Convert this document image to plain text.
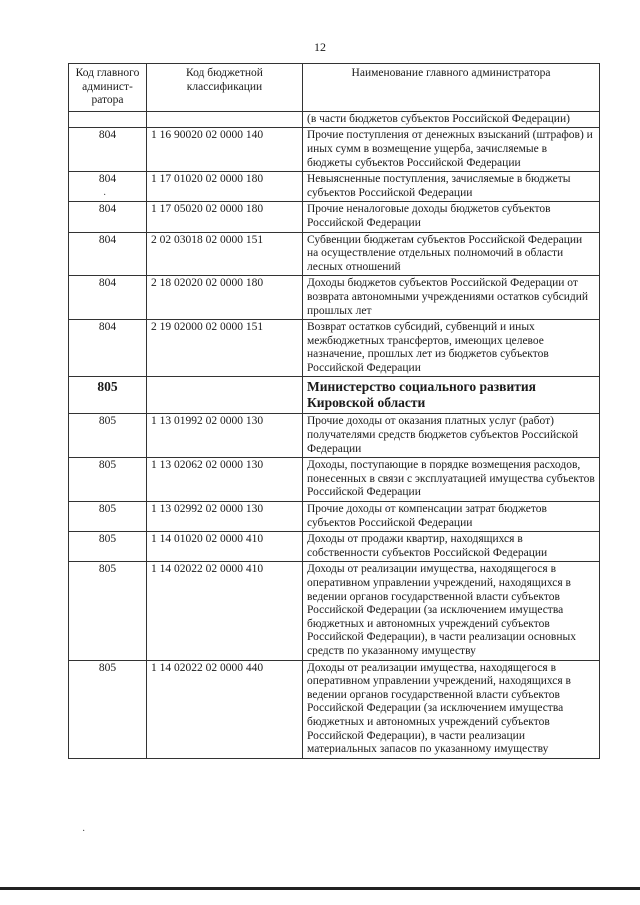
12
Код главного админист-ратора	Код бюджетной классификации	Наименование главного администратора
		(в части бюджетов субъектов Российской Федерации)
804	1 16 90020 02 0000 140	Прочие поступления от денежных взысканий (штрафов) и иных сумм в возмещение ущерба, зачисляемые в бюджеты субъектов Российской Федерации
804	1 17 01020 02 0000 180	Невыясненные поступления, зачисляемые в бюджеты субъектов Российской Федерации
804	1 17 05020 02 0000 180	Прочие неналоговые доходы бюджетов субъектов Российской Федерации
804	2 02 03018 02 0000 151	Субвенции бюджетам субъектов Российской Федерации на осуществление отдельных полномочий в области лесных отношений
804	2 18 02020 02 0000 180	Доходы бюджетов субъектов Российской Федерации от возврата автономными учреждениями остатков субсидий прошлых лет
804	2 19 02000 02 0000 151	Возврат остатков субсидий, субвенций и иных межбюджетных трансфертов, имеющих целевое назначение, прошлых лет из бюджетов субъектов Российской Федерации
805		Министерство социального развития Кировской области
805	1 13 01992 02 0000 130	Прочие доходы от оказания платных услуг (работ) получателями средств бюджетов субъектов Российской Федерации
805	1 13 02062 02 0000 130	Доходы, поступающие в порядке возмещения расходов, понесенных в связи с эксплуатацией имущества субъектов Российской Федерации
805	1 13 02992 02 0000 130	Прочие доходы от компенсации затрат бюджетов субъектов Российской Федерации
805	1 14 01020 02 0000 410	Доходы от продажи квартир, находящихся в собственности субъектов Российской Федерации
805	1 14 02022 02 0000 410	Доходы от реализации имущества, находящегося в оперативном управлении учреждений, находящихся в ведении органов государственной власти субъектов Российской Федерации (за исключением имущества бюджетных и автономных учреждений субъектов Российской Федерации), в части реализации основных средств по указанному имуществу
805	1 14 02022 02 0000 440	Доходы от реализации имущества, находящегося в оперативном управлении учреждений, находящихся в ведении органов государственной власти субъектов Российской Федерации (за исключением имущества бюджетных и автономных учреждений субъектов Российской Федерации), в части реализации материальных запасов по указанному имуществу
·
·
